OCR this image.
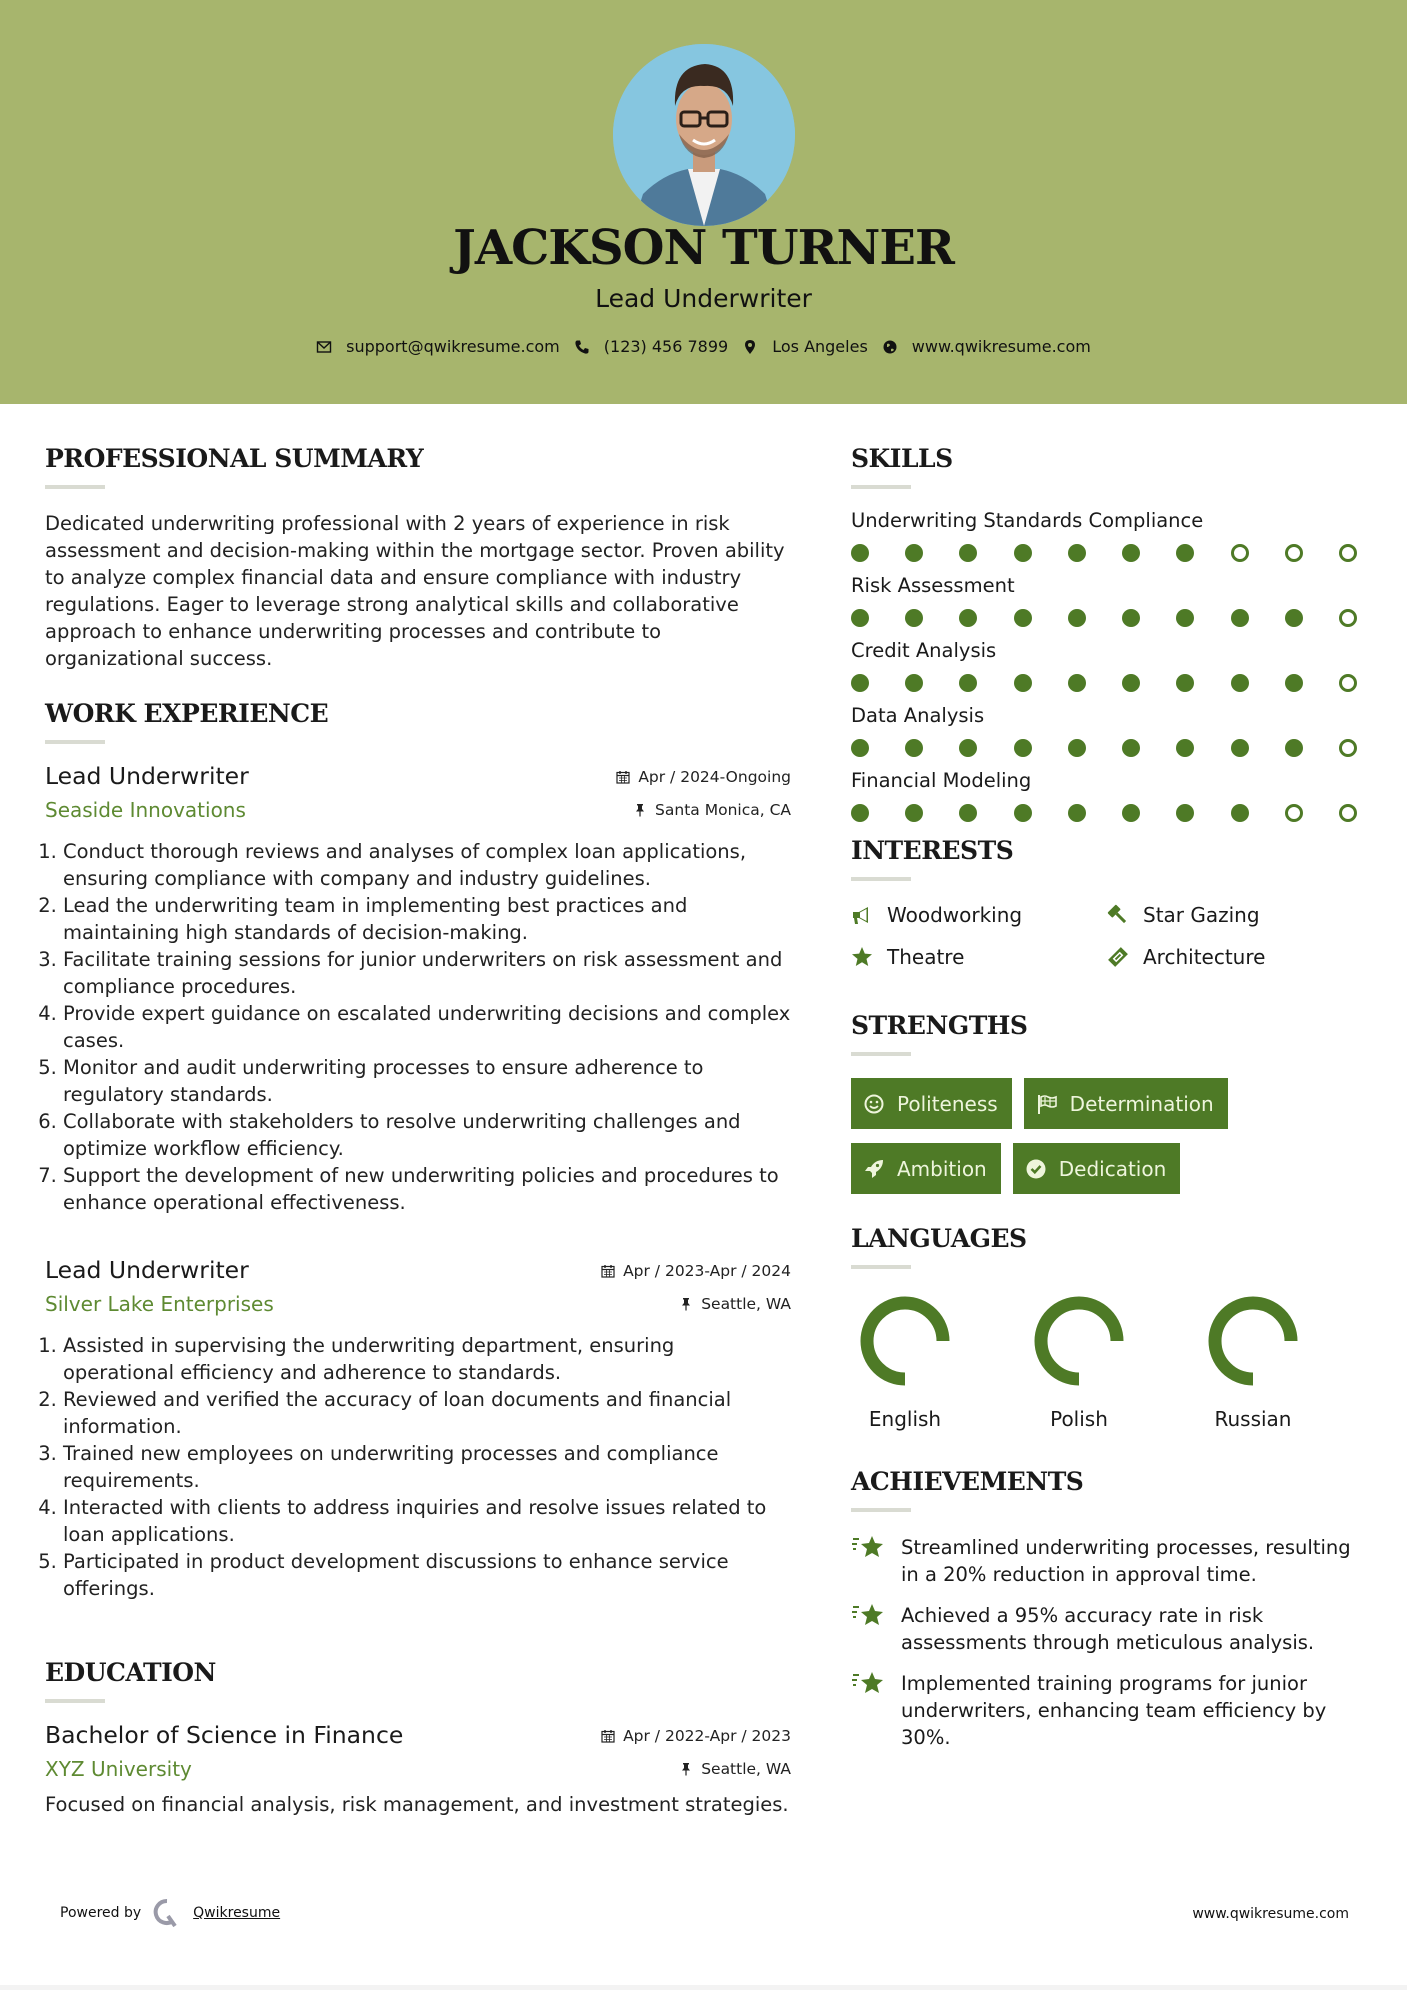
JACKSON TURNER
Lead Underwriter
support@qwikresume.com	(123) 456 7899	Los Angeles	www.qwikresume.com
PROFESSIONAL SUMMARY

Dedicated underwriting professional with 2 years of experience in risk assessment and decision-making within the mortgage sector. Proven ability to analyze complex financial data and ensure compliance with industry regulations. Eager to leverage strong analytical skills and collaborative approach to enhance underwriting processes and contribute to organizational success.

WORK EXPERIENCE
Lead Underwriter	Apr / 2024-Ongoing
Seaside Innovations	Santa Monica, CA
1. Conduct thorough reviews and analyses of complex loan applications, ensuring compliance with company and industry guidelines.
2. Lead the underwriting team in implementing best practices and maintaining high standards of decision-making.
3. Facilitate training sessions for junior underwriters on risk assessment and compliance procedures.
4. Provide expert guidance on escalated underwriting decisions and complex cases.
5. Monitor and audit underwriting processes to ensure adherence to regulatory standards.
6. Collaborate with stakeholders to resolve underwriting challenges and optimize workflow efficiency.
7. Support the development of new underwriting policies and procedures to enhance operational effectiveness.
Lead Underwriter	Apr / 2023-Apr / 2024
Silver Lake Enterprises	Seattle, WA
1. Assisted in supervising the underwriting department, ensuring operational efficiency and adherence to standards.
2. Reviewed and verified the accuracy of loan documents and financial information.
3. Trained new employees on underwriting processes and compliance requirements.
4. Interacted with clients to address inquiries and resolve issues related to loan applications.
5. Participated in product development discussions to enhance service offerings.
EDUCATION
Bachelor of Science in Finance	Apr / 2022-Apr / 2023
XYZ University	Seattle, WA

Focused on financial analysis, risk management, and investment strategies.

SKILLS
Underwriting Standards Compliance
Risk Assessment
Credit Analysis
Data Analysis
Financial Modeling
INTERESTS
Woodworking	Star Gazing
Theatre	Architecture
STRENGTHS
Politeness	Determination
Ambition	Dedication
LANGUAGES
English	Polish	Russian
ACHIEVEMENTS
Streamlined underwriting processes, resulting in a 20% reduction in approval time.
Achieved a 95% accuracy rate in risk assessments through meticulous analysis.
Implemented training programs for junior underwriters, enhancing team efficiency by 30%.
Powered by	Qwikresume	www.qwikresume.com
